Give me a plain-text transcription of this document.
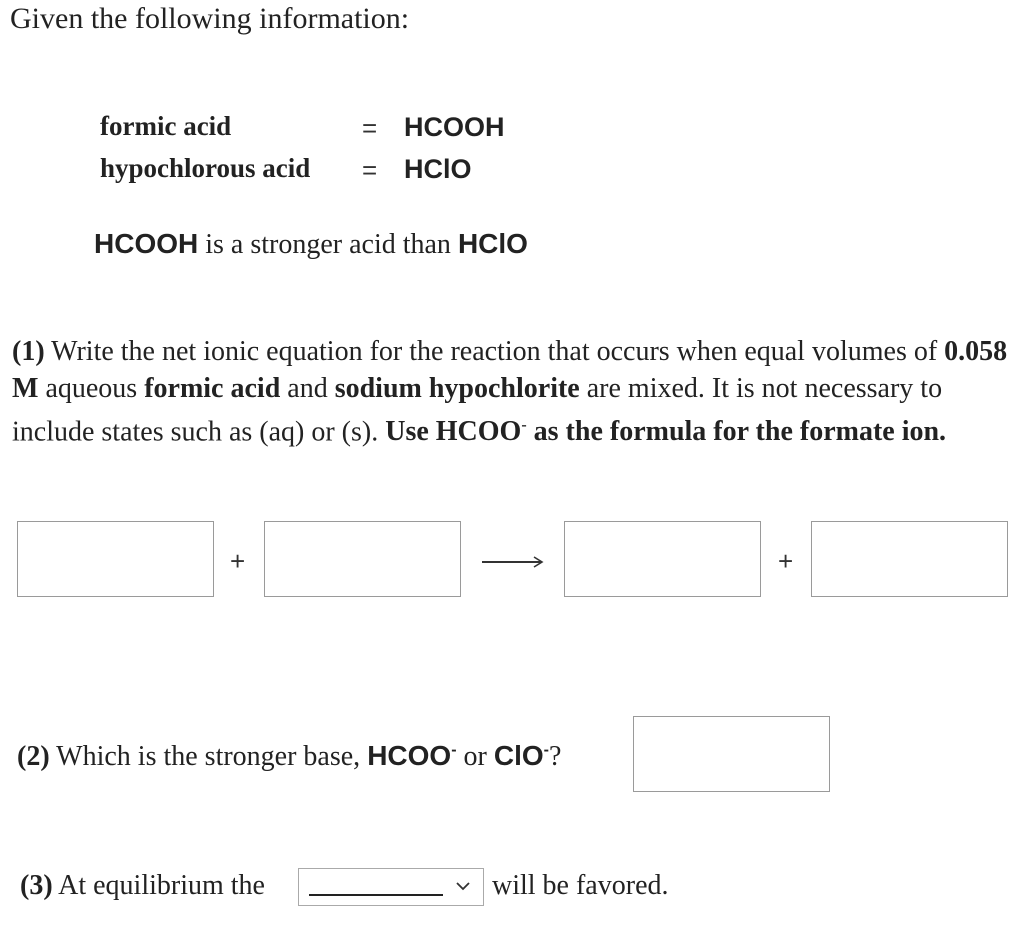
Given the following information:
formic acid	= HCOOH
hypochlorous acid = HClO
HCOOH is a stronger acid than HClO
(1) Write the net ionic equation for the reaction that occurs when equal volumes of 0.058 M aqueous formic acid and sodium hypochlorite are mixed. It is not necessary to include states such as (aq) or (s). Use HCOO- as the formula for the formate ion.
+	+
(2) Which is the stronger base, HCOO- or ClO-?
(3) At equilibrium the	will be favored.
